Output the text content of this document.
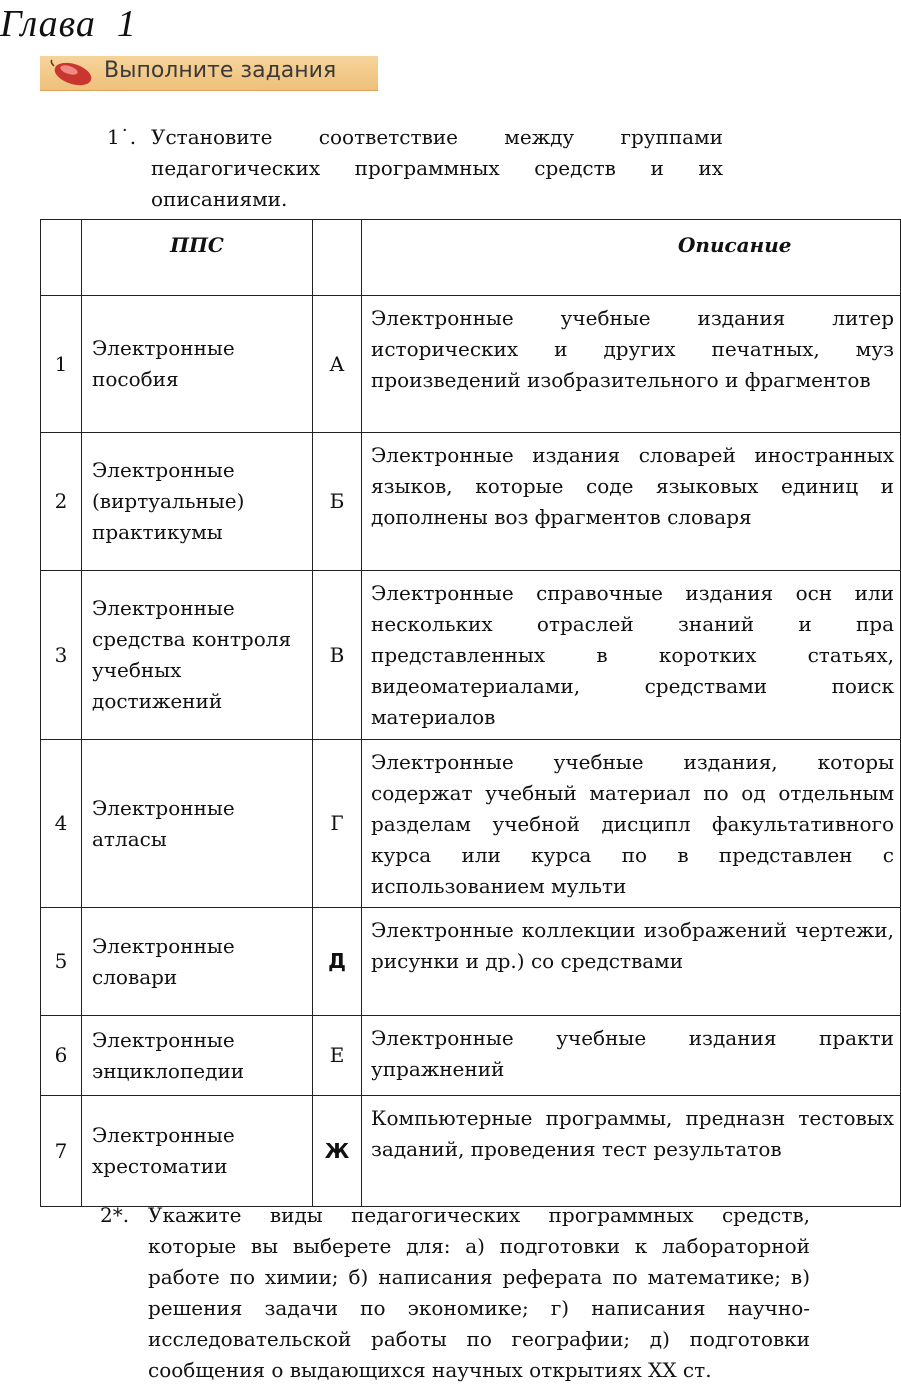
Глава  1
Выполните задания
1˙. Установите соответствие между группами педагогических программных средств и их описаниями.
	ППС		Описание
1	Электронные пособия	А	Электронные учебные издания литер исторических и других печатных, муз произведений изобразительного и фрагментов
2	Электронные (виртуальные) практикумы	Б	Электронные издания словарей иностранных языков, которые соде языковых единиц и дополнены воз фрагментов словаря
3	Электронные средства контроля учебных достижений	В	Электронные справочные издания осн или нескольких отраслей знаний и пра представленных в коротких статьях, видеоматериалами, средствами поиск материалов
4	Электронные атласы	Г	Электронные учебные издания, которы содержат учебный материал по од отдельным разделам учебной дисципл факультативного курса или курса по в представлен с использованием мульти
5	Электронные словари	Д	Электронные коллекции изображений чертежи, рисунки и др.) со средствами
6	Электронные энциклопедии	Е	Электронные учебные издания практи упражнений
7	Электронные хрестоматии	Ж	Компьютерные программы, предназн тестовых заданий, проведения тест результатов
2*. Укажите виды педагогических программных средств, которые вы выберете для: а) подготовки к лабораторной работе по химии; б) написания реферата по математике; в) решения задачи по экономике; г) написания научно-исследовательской работы по географии; д) подготовки сообщения о выдающихся научных открытиях XX ст.
